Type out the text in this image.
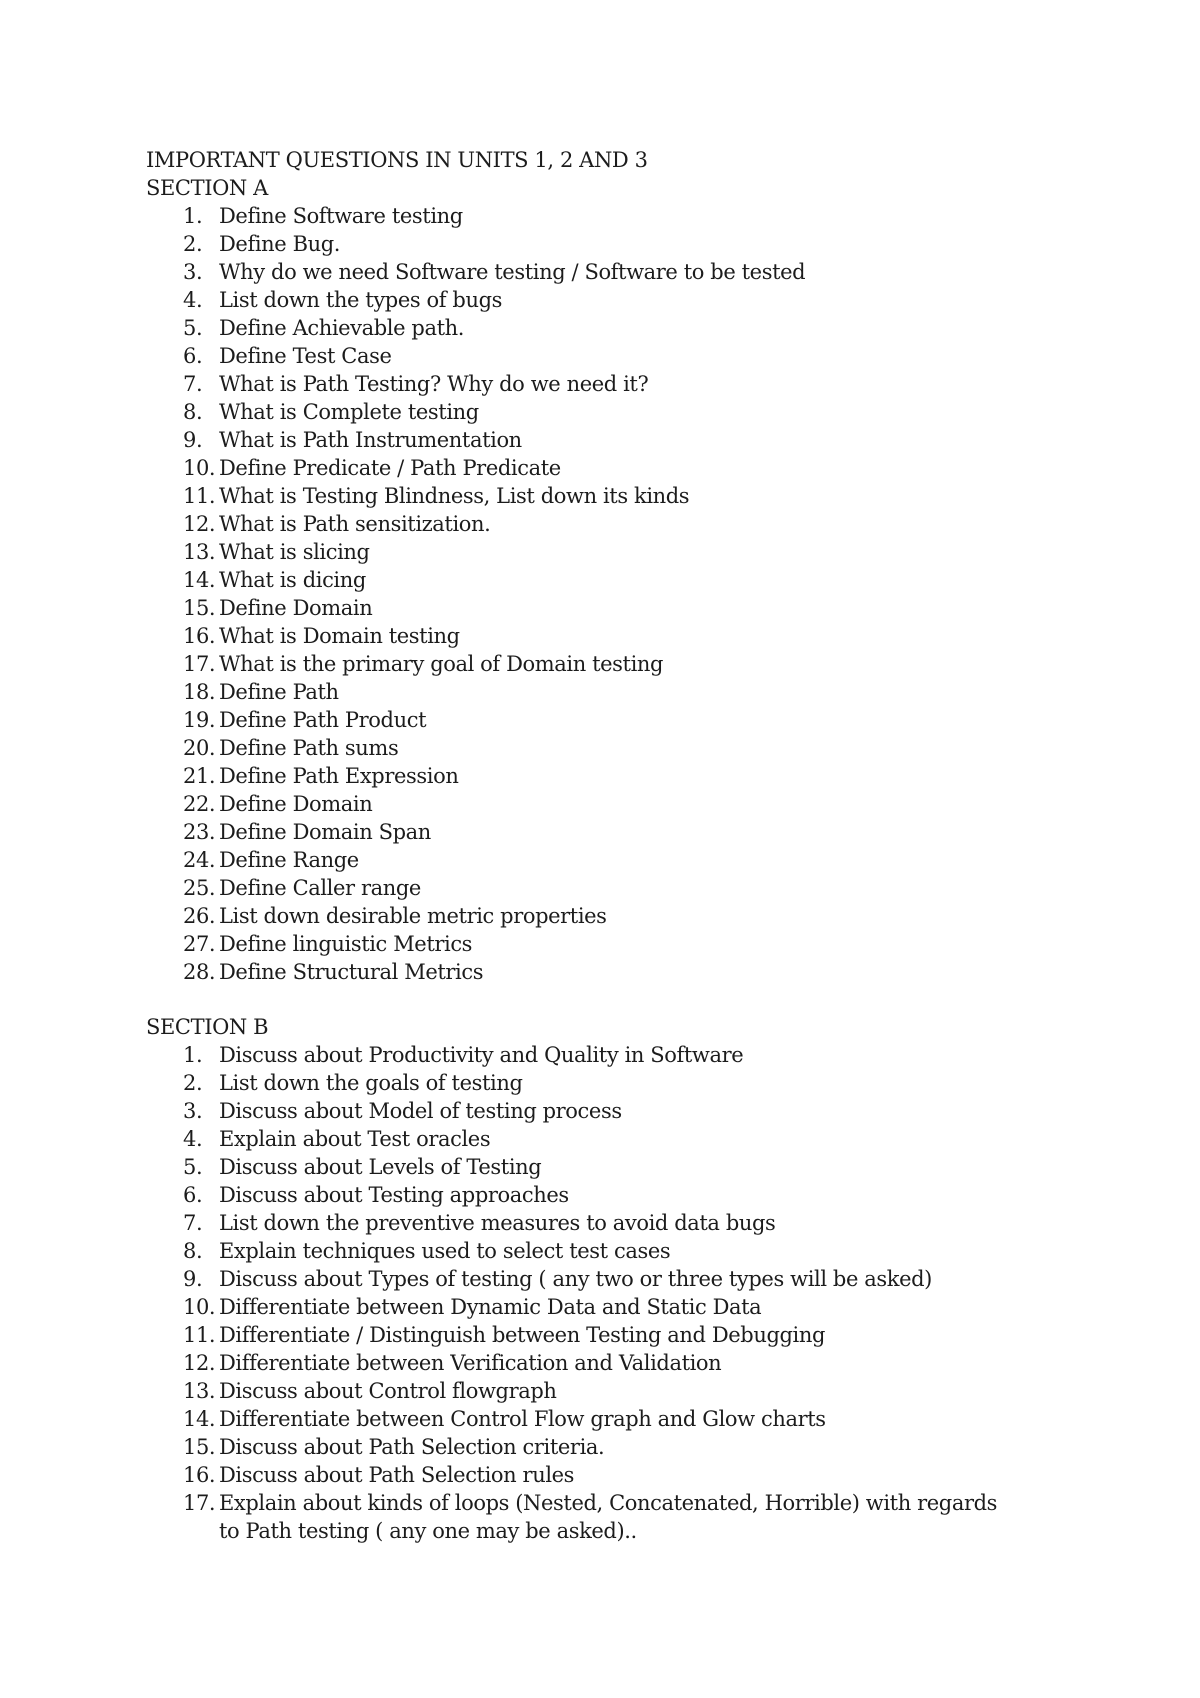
IMPORTANT QUESTIONS IN UNITS 1, 2 AND 3
SECTION A
1. Define Software testing
2. Define Bug.
3. Why do we need Software testing / Software to be tested
4. List down the types of bugs
5. Define Achievable path.
6. Define Test Case
7. What is Path Testing? Why do we need it?
8. What is Complete testing
9. What is Path Instrumentation
10. Define Predicate / Path Predicate
11. What is Testing Blindness, List down its kinds
12. What is Path sensitization.
13. What is slicing
14. What is dicing
15. Define Domain
16. What is Domain testing
17. What is the primary goal of Domain testing
18. Define Path
19. Define Path Product
20. Define Path sums
21. Define Path Expression
22. Define Domain
23. Define Domain Span
24. Define Range
25. Define Caller range
26. List down desirable metric properties
27. Define linguistic Metrics
28. Define Structural Metrics
SECTION B
1. Discuss about Productivity and Quality in Software
2. List down the goals of testing
3. Discuss about Model of testing process
4. Explain about Test oracles
5. Discuss about Levels of Testing
6. Discuss about Testing approaches
7. List down the preventive measures to avoid data bugs
8. Explain techniques used to select test cases
9. Discuss about Types of testing ( any two or three types will be asked)
10. Differentiate between Dynamic Data and Static Data
11. Differentiate / Distinguish between Testing and Debugging
12. Differentiate between Verification and Validation
13. Discuss about Control flowgraph
14. Differentiate between Control Flow graph and Glow charts
15. Discuss about Path Selection criteria.
16. Discuss about Path Selection rules
17. Explain about kinds of loops (Nested, Concatenated, Horrible) with regards to Path testing ( any one may be asked)..
